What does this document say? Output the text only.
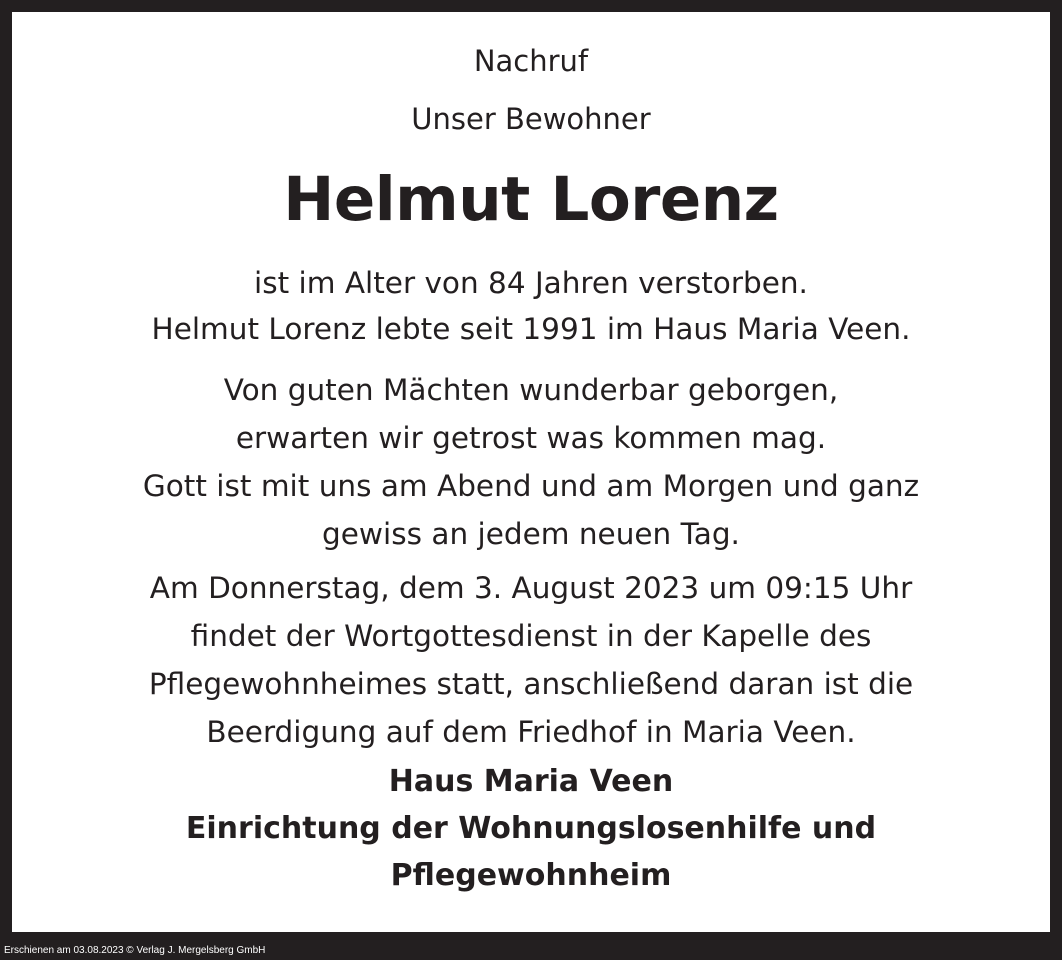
Nachruf
Unser Bewohner
Helmut Lorenz
ist im Alter von 84 Jahren verstorben.
Helmut Lorenz lebte seit 1991 im Haus Maria Veen.
Von guten Mächten wunderbar geborgen,
erwarten wir getrost was kommen mag.
Gott ist mit uns am Abend und am Morgen und ganz
gewiss an jedem neuen Tag.
Am Donnerstag, dem 3. August 2023 um 09:15 Uhr
findet der Wortgottesdienst in der Kapelle des
Pflegewohnheimes statt, anschließend daran ist die
Beerdigung auf dem Friedhof in Maria Veen.
Haus Maria Veen
Einrichtung der Wohnungslosenhilfe und
Pflegewohnheim
Erschienen am 03.08.2023 © Verlag J. Mergelsberg GmbH
